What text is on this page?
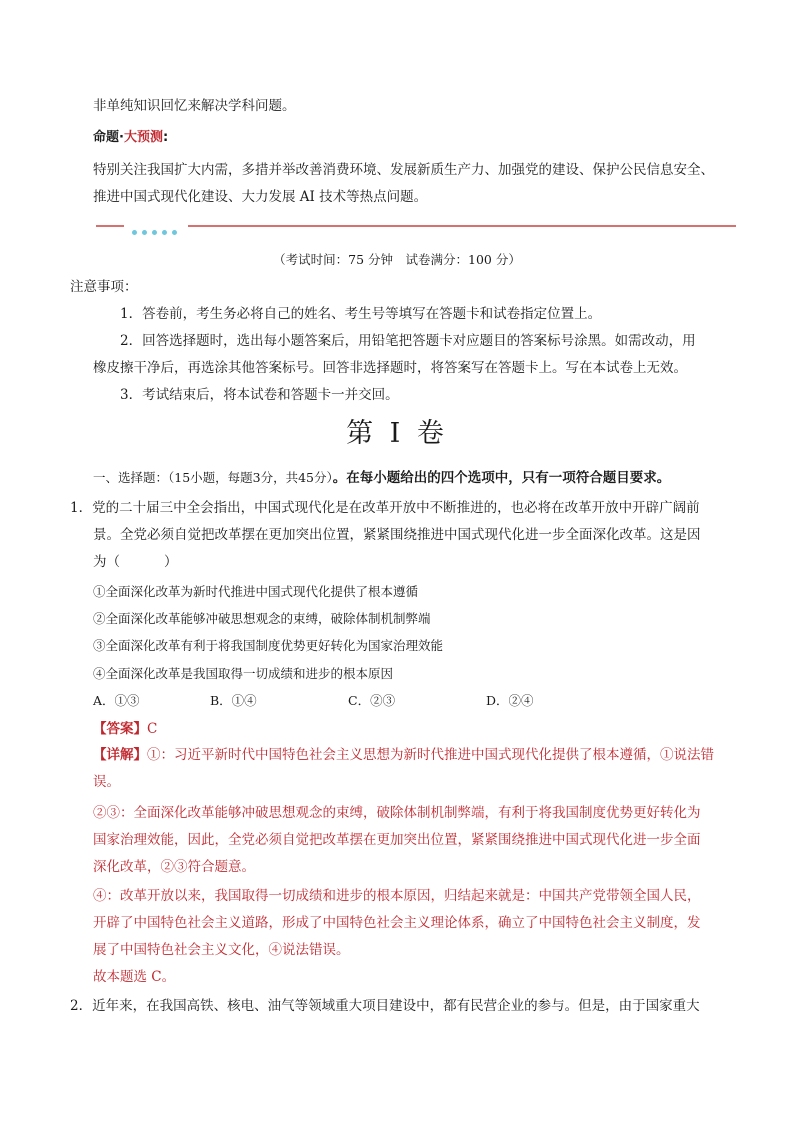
非单纯知识回忆来解决学科问题。
命题·大预测:
特别关注我国扩大内需，多措并举改善消费环境、发展新质生产力、加强党的建设、保护公民信息安全、
推进中国式现代化建设、大力发展 AI 技术等热点问题。
（考试时间：75 分钟　试卷满分：100 分）
注意事项：
1．答卷前，考生务必将自己的姓名、考生号等填写在答题卡和试卷指定位置上。
2．回答选择题时，选出每小题答案后，用铅笔把答题卡对应题目的答案标号涂黑。如需改动，用
橡皮擦干净后，再选涂其他答案标号。回答非选择题时，将答案写在答题卡上。写在本试卷上无效。
3．考试结束后，将本试卷和答题卡一并交回。
第 I 卷
一、选择题：（15小题，每题3分，共45分）。在每小题给出的四个选项中，只有一项符合题目要求。
1．党的二十届三中全会指出，中国式现代化是在改革开放中不断推进的，也必将在改革开放中开辟广阔前
景。全党必须自觉把改革摆在更加突出位置，紧紧围绕推进中国式现代化进一步全面深化改革。这是因
为（	）
①全面深化改革为新时代推进中国式现代化提供了根本遵循
②全面深化改革能够冲破思想观念的束缚，破除体制机制弊端
③全面深化改革有利于将我国制度优势更好转化为国家治理效能
④全面深化改革是我国取得一切成绩和进步的根本原因
A．①③	B．①④	C．②③	D．②④
【答案】C
【详解】①：习近平新时代中国特色社会主义思想为新时代推进中国式现代化提供了根本遵循，①说法错
误。
②③：全面深化改革能够冲破思想观念的束缚，破除体制机制弊端，有利于将我国制度优势更好转化为
国家治理效能，因此，全党必须自觉把改革摆在更加突出位置，紧紧围绕推进中国式现代化进一步全面
深化改革，②③符合题意。
④：改革开放以来，我国取得一切成绩和进步的根本原因，归结起来就是：中国共产党带领全国人民，
开辟了中国特色社会主义道路，形成了中国特色社会主义理论体系，确立了中国特色社会主义制度，发
展了中国特色社会主义文化，④说法错误。
故本题选 C。
2．近年来，在我国高铁、核电、油气等领域重大项目建设中，都有民营企业的参与。但是，由于国家重大
